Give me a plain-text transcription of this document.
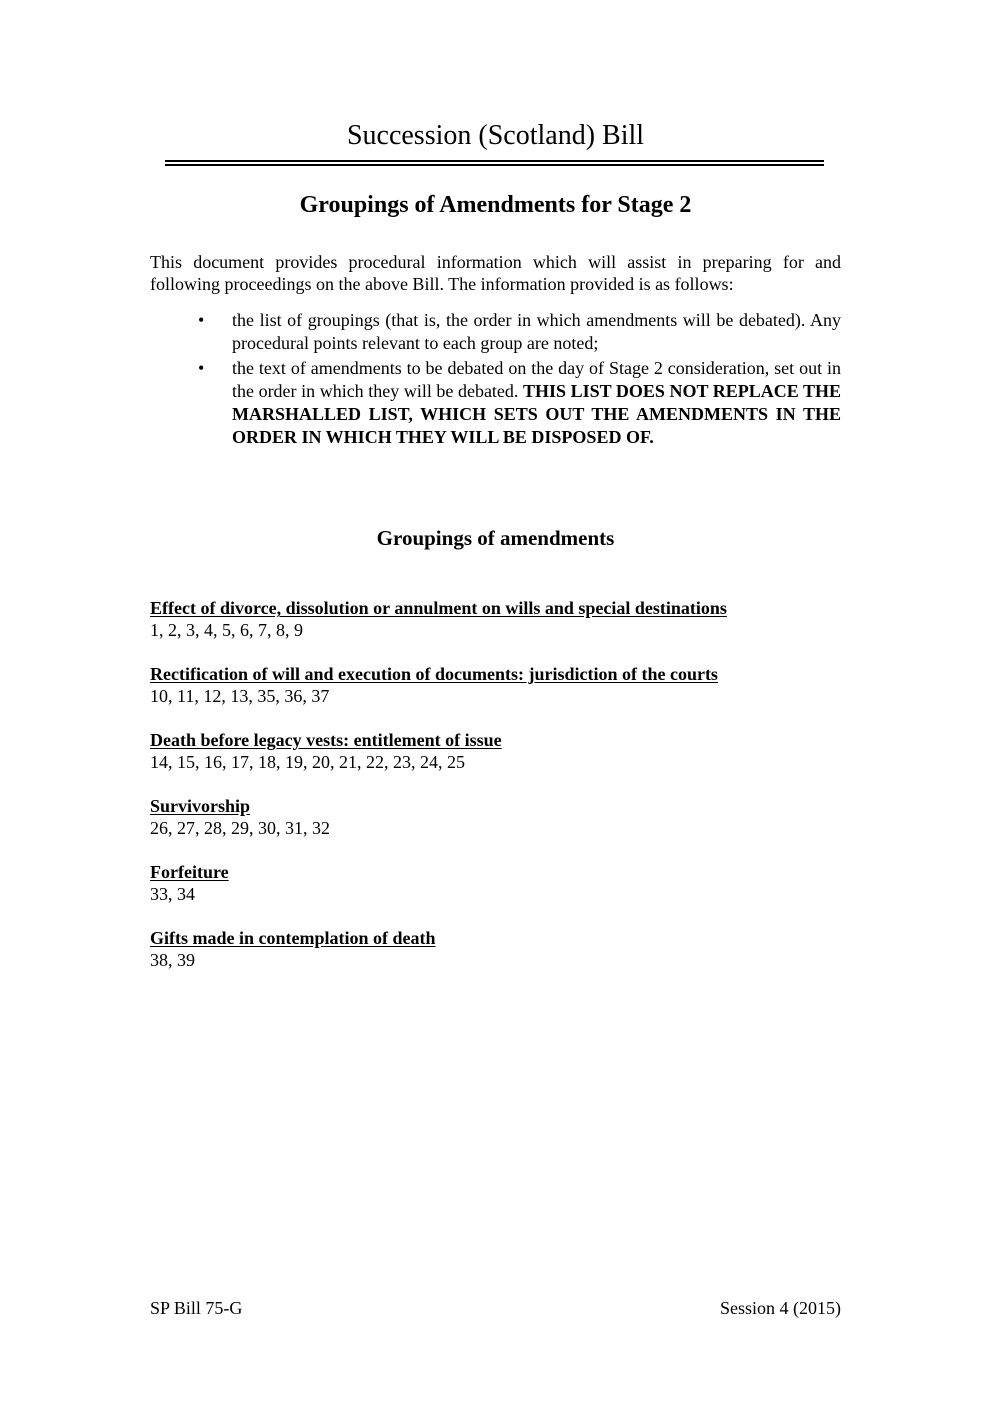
Succession (Scotland) Bill
Groupings of Amendments for Stage 2

This document provides procedural information which will assist in preparing for and following proceedings on the above Bill. The information provided is as follows:

• the list of groupings (that is, the order in which amendments will be debated). Any procedural points relevant to each group are noted;
• the text of amendments to be debated on the day of Stage 2 consideration, set out in the order in which they will be debated. THIS LIST DOES NOT REPLACE THE MARSHALLED LIST, WHICH SETS OUT THE AMENDMENTS IN THE ORDER IN WHICH THEY WILL BE DISPOSED OF.
Groupings of amendments
Effect of divorce, dissolution or annulment on wills and special destinations
1, 2, 3, 4, 5, 6, 7, 8, 9
Rectification of will and execution of documents: jurisdiction of the courts
10, 11, 12, 13, 35, 36, 37
Death before legacy vests: entitlement of issue
14, 15, 16, 17, 18, 19, 20, 21, 22, 23, 24, 25
Survivorship
26, 27, 28, 29, 30, 31, 32
Forfeiture
33, 34
Gifts made in contemplation of death
38, 39
SP Bill 75-G	Session 4 (2015)
